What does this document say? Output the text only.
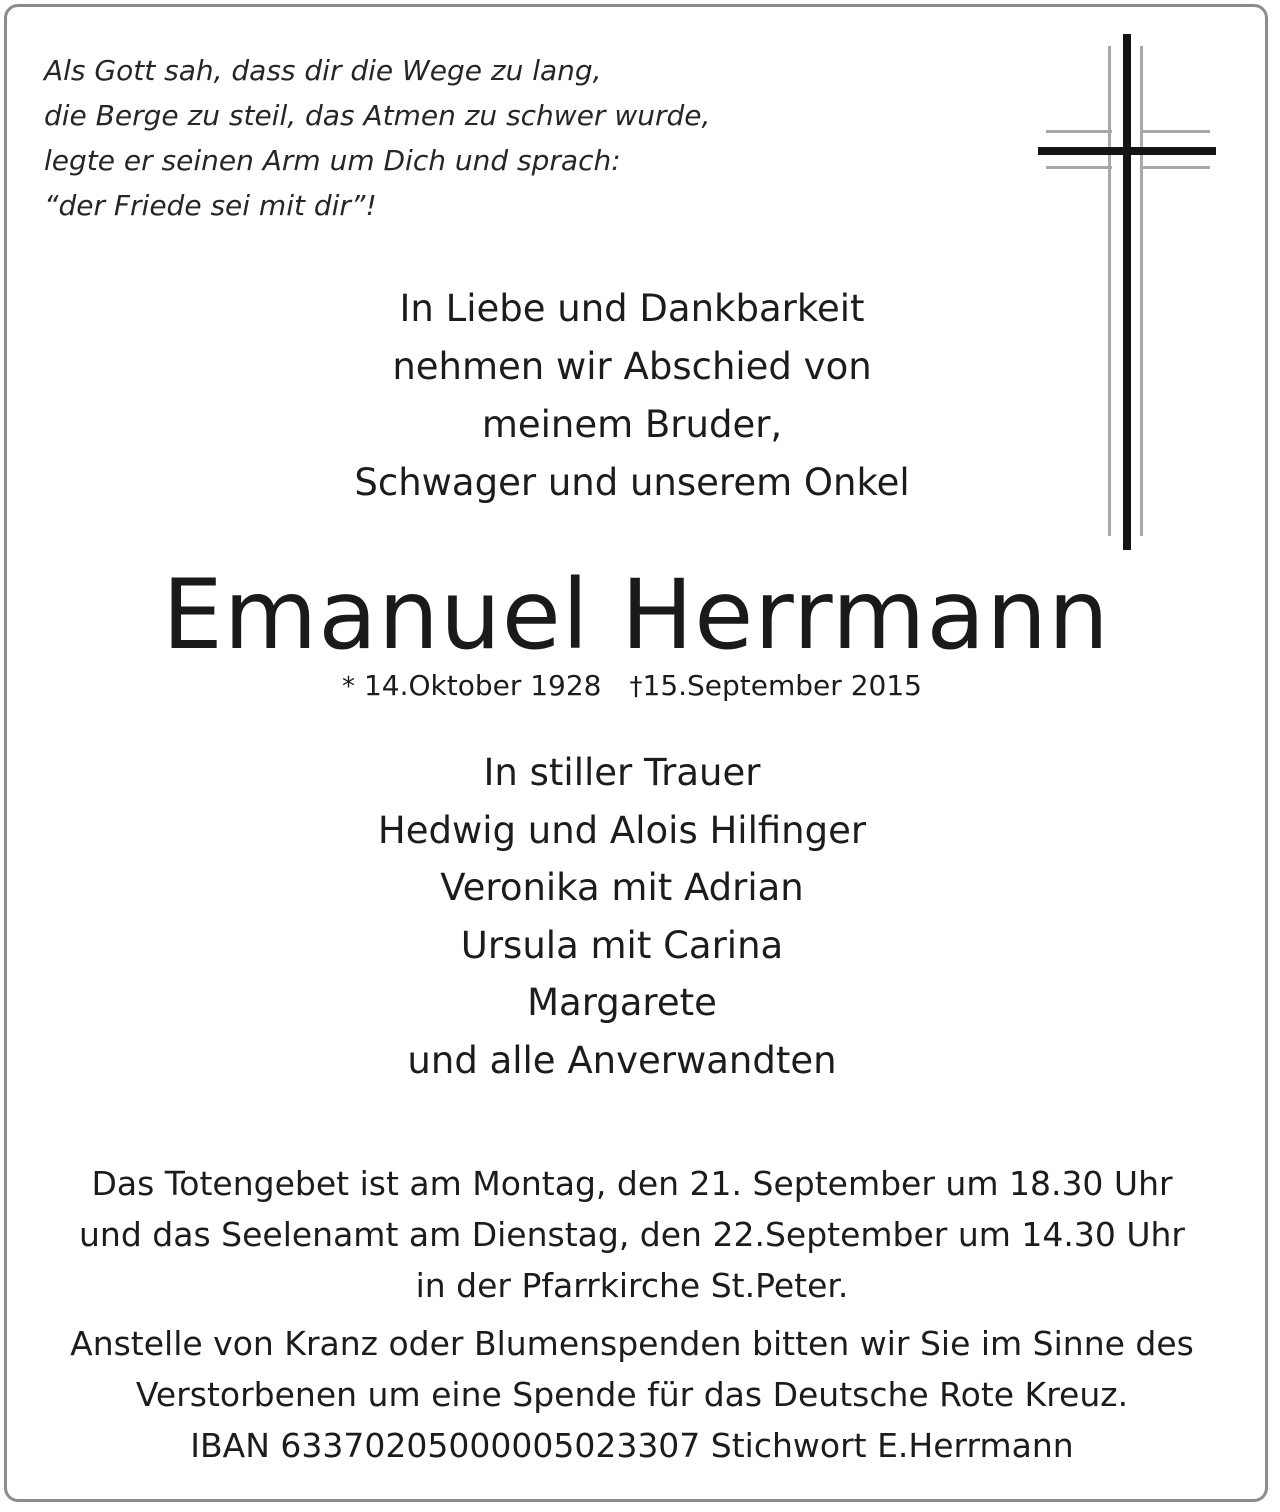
Als Gott sah, dass dir die Wege zu lang,
die Berge zu steil, das Atmen zu schwer wurde,
legte er seinen Arm um Dich und sprach:
“der Friede sei mit dir”!

In Liebe und Dankbarkeit
nehmen wir Abschied von
meinem Bruder,
Schwager und unserem Onkel
Emanuel Herrmann
* 14.Oktober 1928 †15.September 2015
In stiller Trauer
Hedwig und Alois Hilfinger
Veronika mit Adrian
Ursula mit Carina
Margarete
und alle Anverwandten
Das Totengebet ist am Montag, den 21. September um 18.30 Uhr
und das Seelenamt am Dienstag, den 22.September um 14.30 Uhr
in der Pfarrkirche St.Peter.
Anstelle von Kranz oder Blumenspenden bitten wir Sie im Sinne des
Verstorbenen um eine Spende für das Deutsche Rote Kreuz.
IBAN 63370205000005023307 Stichwort E.Herrmann
